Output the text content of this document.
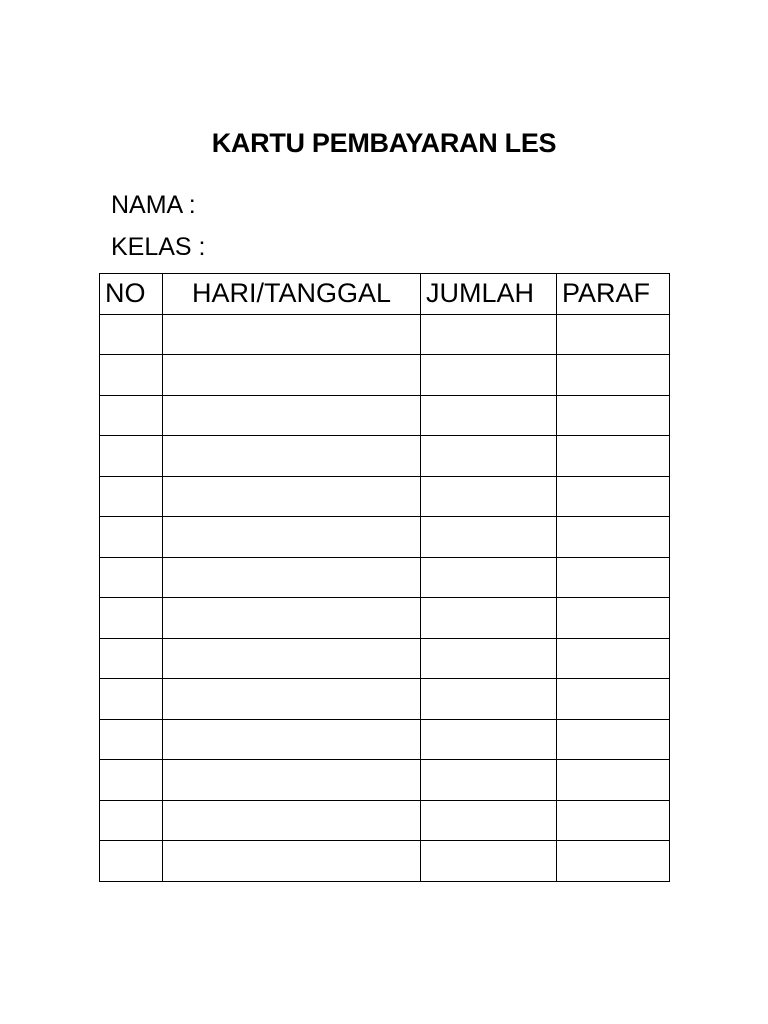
KARTU PEMBAYARAN LES
NAMA :
KELAS :
NO	HARI/TANGGAL	JUMLAH	PARAF
